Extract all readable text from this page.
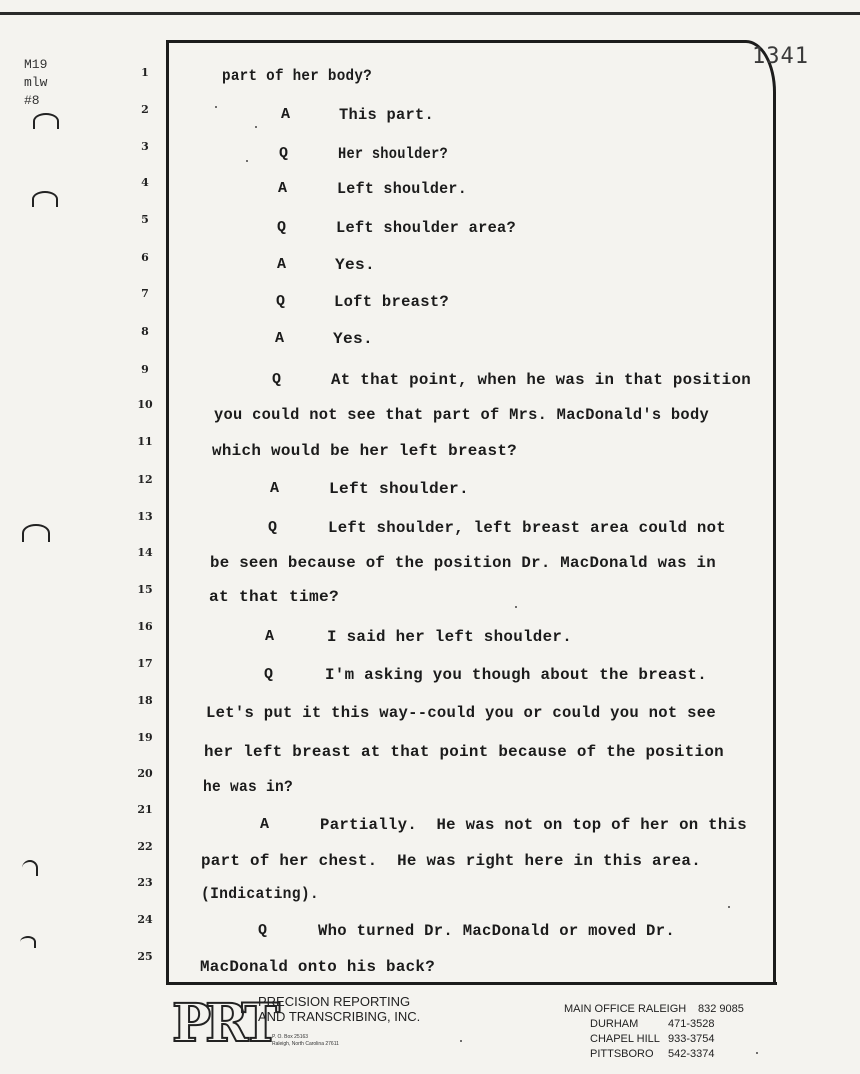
1341
M19
mlw
#8
1
2
3
4
5
6
7
8
9
10
11
12
13
14
15
16
17
18
19
20
21
22
23
24
25
part of her body?
A	This part.
Q	Her shoulder?
A	Left shoulder.
Q	Left shoulder area?
A	Yes.
Q	Loft breast?
A	Yes.
Q	At that point, when he was in that position
you could not see that part of Mrs. MacDonald's body
which would be her left breast?
A	Left shoulder.
Q	Left shoulder, left breast area could not
be seen because of the position Dr. MacDonald was in
at that time?
A	I said her left shoulder.
Q	I'm asking you though about the breast.
Let's put it this way--could you or could you not see
her left breast at that point because of the position
he was in?
A	Partially.  He was not on top of her on this
part of her chest.  He was right here in this area.
(Indicating).
Q	Who turned Dr. MacDonald or moved Dr.
MacDonald onto his back?
PRT
PRECISION REPORTING
AND TRANSCRIBING, INC.
P. O. Box 25163
Raleigh, North Carolina 27611
MAIN OFFICE RALEIGH 832 9085
DURHAM	471-3528
CHAPEL HILL 933-3754
PITTSBORO 542-3374
